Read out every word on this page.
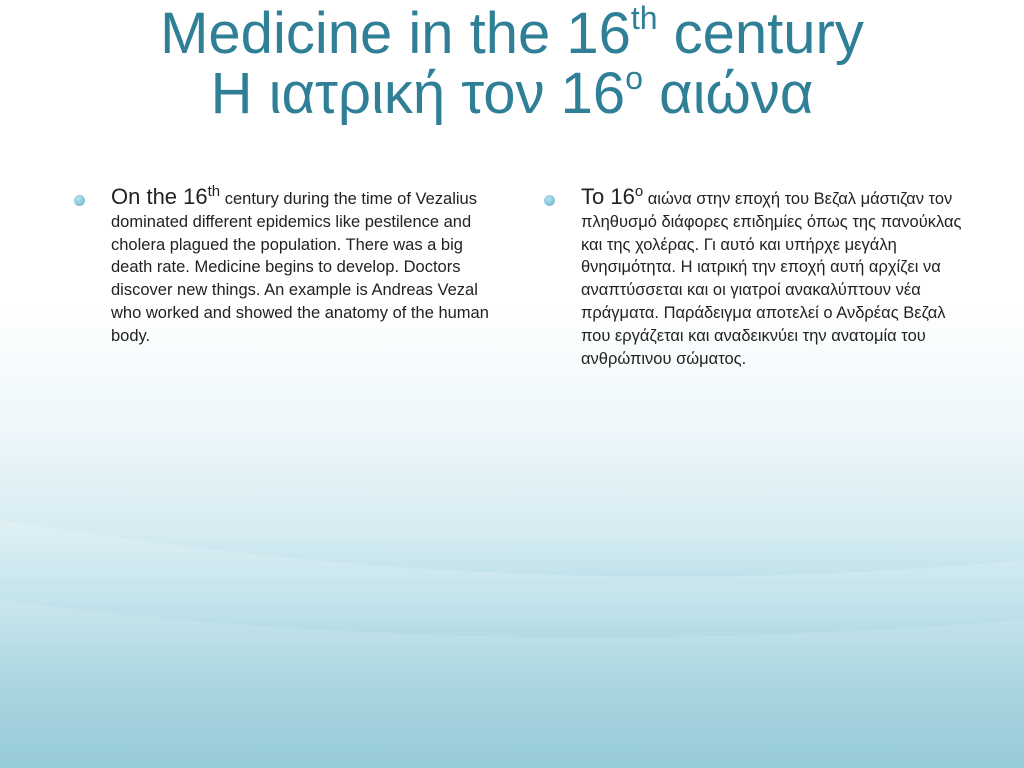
Medicine in the 16th century
Η ιατρική τον $16^o$ αιώνα
On the 16th century during the time of Vezalius dominated different epidemics like pestilence and cholera plagued the population. There was a big death rate. Medicine begins to develop. Doctors discover new things. An example is Andreas Vezal who worked and showed the anatomy of the human body.
Το $16^o$ αιώνα στην εποχή του Βεζαλ μάστιζαν τον πληθυσμό διάφορες επιδημίες όπως της πανούκλας και της χολέρας. Γι αυτό και υπήρχε μεγάλη θνησιμότητα. Η ιατρική την εποχή αυτή αρχίζει να αναπτύσσεται και οι γιατροί ανακαλύπτουν νέα πράγματα. Παράδειγμα αποτελεί ο Ανδρέας Βεζαλ που εργάζεται και αναδεικνύει την ανατομία του ανθρώπινου σώματος.
